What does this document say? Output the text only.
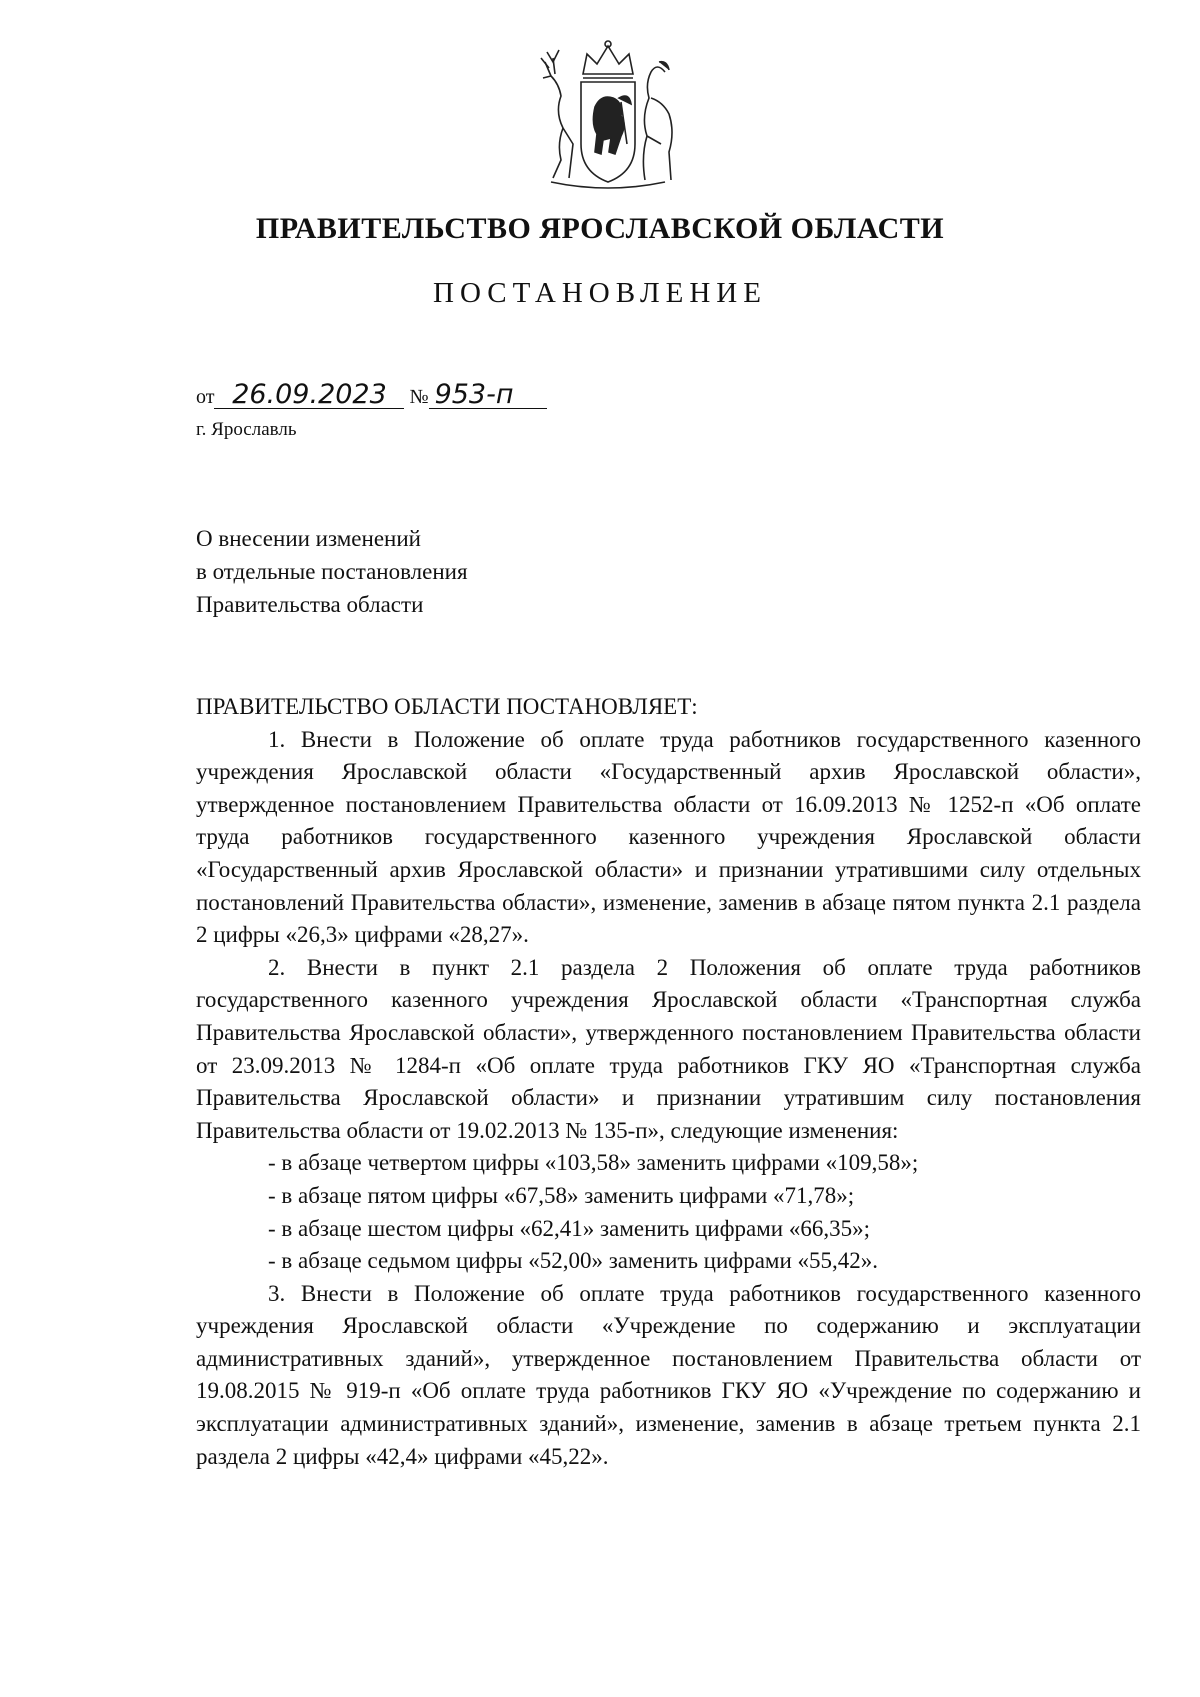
ПРАВИТЕЛЬСТВО ЯРОСЛАВСКОЙ ОБЛАСТИ
ПОСТАНОВЛЕНИЕ
от 26.09.2023 № 953-п
г. Ярославль
О внесении изменений
в отдельные постановления
Правительства области
ПРАВИТЕЛЬСТВО ОБЛАСТИ ПОСТАНОВЛЯЕТ:

1. Внести в Положение об оплате труда работников государственного казенного учреждения Ярославской области «Государственный архив Ярославской области», утвержденное постановлением Правительства области от 16.09.2013 № 1252-п «Об оплате труда работников государственного казенного учреждения Ярославской области «Государственный архив Ярославской области» и признании утратившими силу отдельных постановлений Правительства области», изменение, заменив в абзаце пятом пункта 2.1 раздела 2 цифры «26,3» цифрами «28,27».

2. Внести в пункт 2.1 раздела 2 Положения об оплате труда работников государственного казенного учреждения Ярославской области «Транспортная служба Правительства Ярославской области», утвержденного постановлением Правительства области от 23.09.2013 № 1284-п «Об оплате труда работников ГКУ ЯО «Транспортная служба Правительства Ярославской области» и признании утратившим силу постановления Правительства области от 19.02.2013 № 135-п», следующие изменения:

- в абзаце четвертом цифры «103,58» заменить цифрами «109,58»;
- в абзаце пятом цифры «67,58» заменить цифрами «71,78»;
- в абзаце шестом цифры «62,41» заменить цифрами «66,35»;
- в абзаце седьмом цифры «52,00» заменить цифрами «55,42».

3. Внести в Положение об оплате труда работников государственного казенного учреждения Ярославской области «Учреждение по содержанию и эксплуатации административных зданий», утвержденное постановлением Правительства области от 19.08.2015 № 919-п «Об оплате труда работников ГКУ ЯО «Учреждение по содержанию и эксплуатации административных зданий», изменение, заменив в абзаце третьем пункта 2.1 раздела 2 цифры «42,4» цифрами «45,22».
